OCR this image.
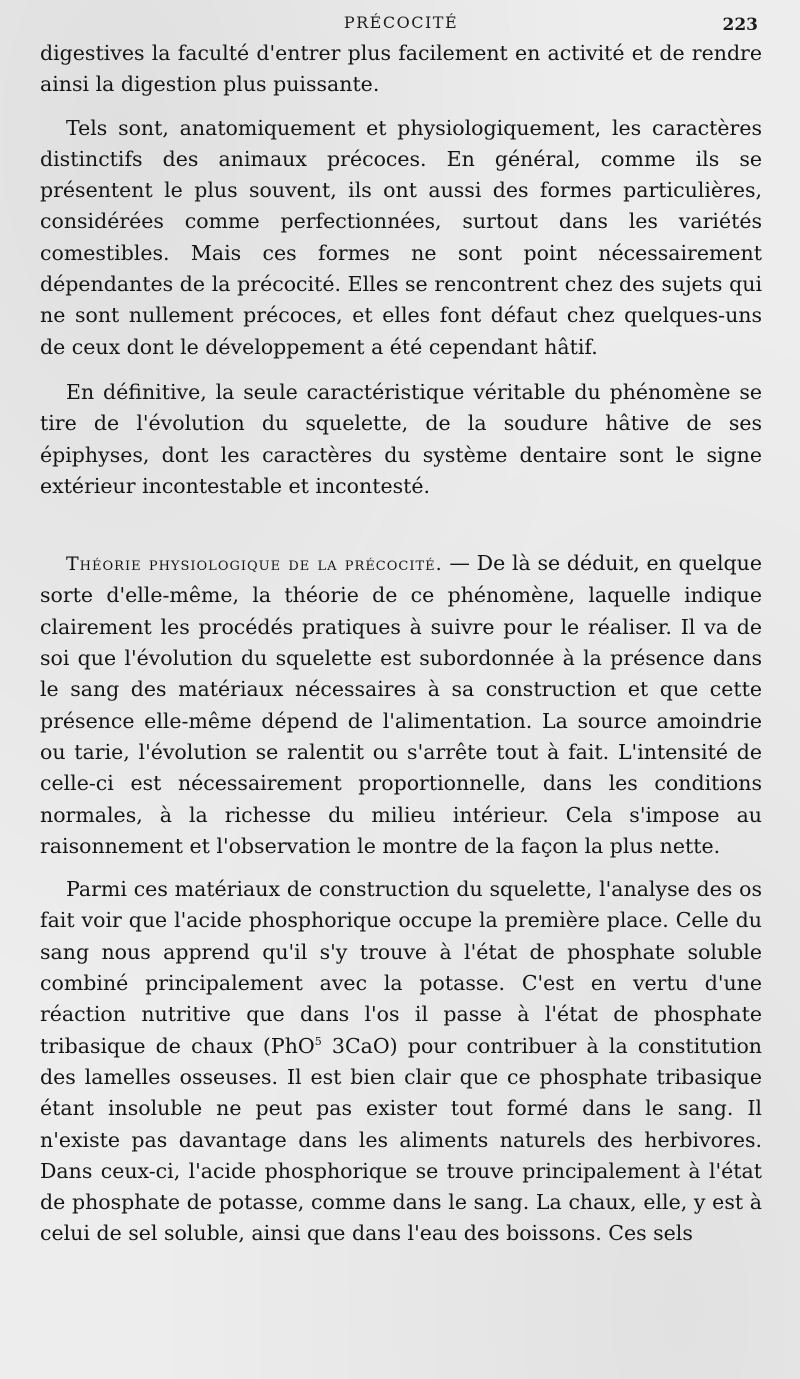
PRÉCOCITÉ	223

digestives la faculté d'entrer plus facilement en activité et de rendre ainsi la digestion plus puissante.

Tels sont, anatomiquement et physiologiquement, les caractères distinctifs des animaux précoces. En général, comme ils se présentent le plus souvent, ils ont aussi des formes particulières, considérées comme perfectionnées, surtout dans les variétés comestibles. Mais ces formes ne sont point nécessairement dépendantes de la précocité. Elles se rencontrent chez des sujets qui ne sont nullement précoces, et elles font défaut chez quelques-uns de ceux dont le développement a été cependant hâtif.

En définitive, la seule caractéristique véritable du phénomène se tire de l'évolution du squelette, de la soudure hâtive de ses épiphyses, dont les caractères du système dentaire sont le signe extérieur incontestable et incontesté.

Théorie physiologique de la précocité. — De là se déduit, en quelque sorte d'elle-même, la théorie de ce phénomène, laquelle indique clairement les procédés pratiques à suivre pour le réaliser. Il va de soi que l'évolution du squelette est subordonnée à la présence dans le sang des matériaux nécessaires à sa construction et que cette présence elle-même dépend de l'alimentation. La source amoindrie ou tarie, l'évolution se ralentit ou s'arrête tout à fait. L'intensité de celle-ci est nécessairement proportionnelle, dans les conditions normales, à la richesse du milieu intérieur. Cela s'impose au raisonnement et l'observation le montre de la façon la plus nette.

Parmi ces matériaux de construction du squelette, l'analyse des os fait voir que l'acide phosphorique occupe la première place. Celle du sang nous apprend qu'il s'y trouve à l'état de phosphate soluble combiné principalement avec la potasse. C'est en vertu d'une réaction nutritive que dans l'os il passe à l'état de phosphate tribasique de chaux (PhO$^5$ 3CaO) pour contribuer à la constitution des lamelles osseuses. Il est bien clair que ce phosphate tribasique étant insoluble ne peut pas exister tout formé dans le sang. Il n'existe pas davantage dans les aliments naturels des herbivores. Dans ceux-ci, l'acide phosphorique se trouve principalement à l'état de phosphate de potasse, comme dans le sang. La chaux, elle, y est à celui de sel soluble, ainsi que dans l'eau des boissons. Ces sels
